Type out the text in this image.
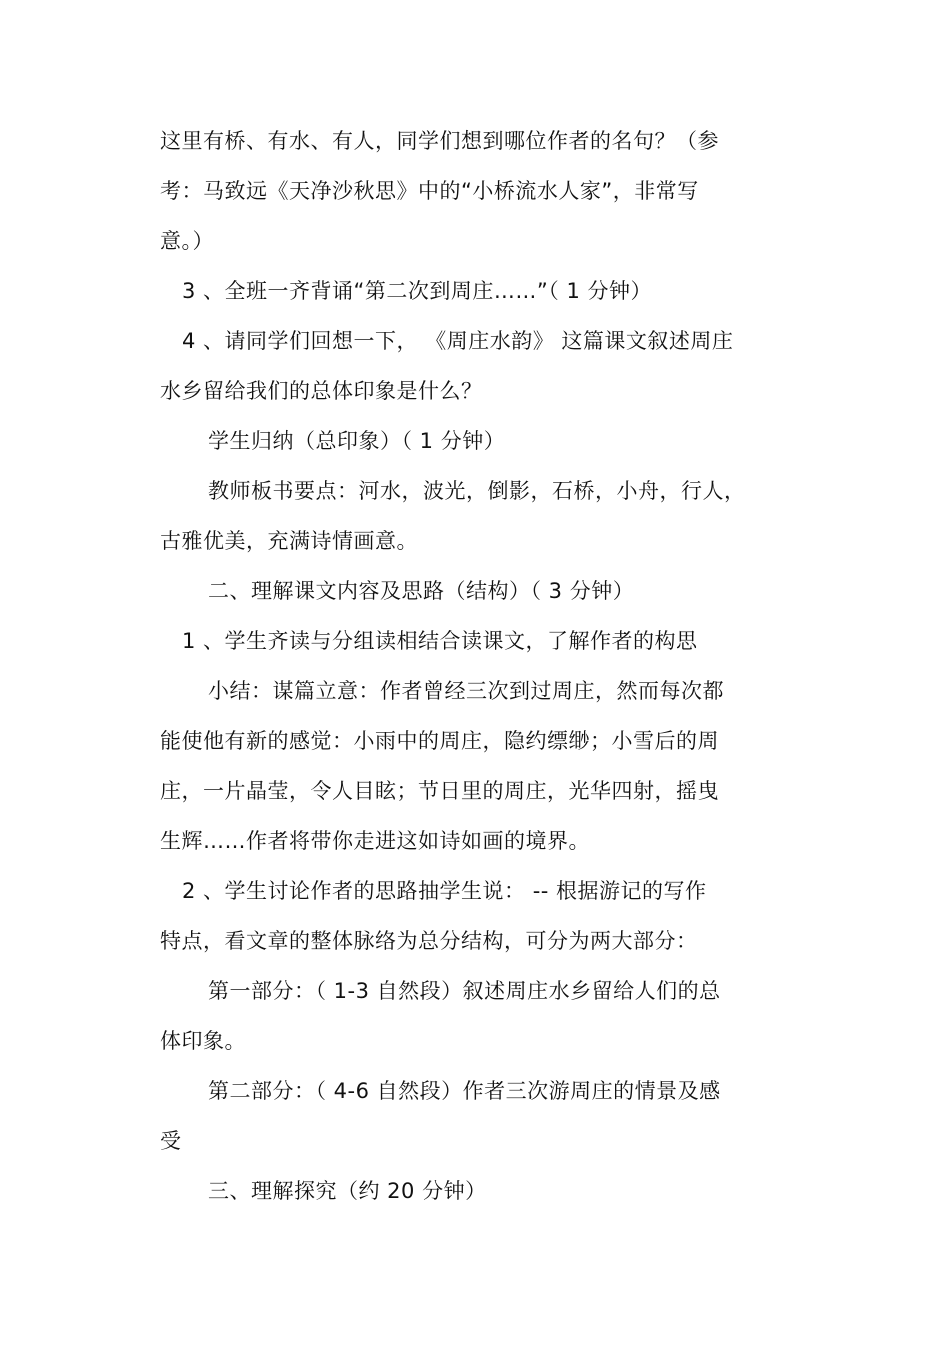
这里有桥、有水、有人，同学们想到哪位作者的名句？（参
考：马致远《天净沙秋思》中的“小桥流水人家”，非常写
意。）
3 、全班一齐背诵“第二次到周庄……”（ 1 分钟）
4 、请同学们回想一下， 《周庄水韵》 这篇课文叙述周庄
水乡留给我们的总体印象是什么？
学生归纳（总印象）（ 1 分钟）
教师板书要点：河水，波光，倒影，石桥，小舟，行人，
古雅优美，充满诗情画意。
二、理解课文内容及思路（结构）（ 3 分钟）
1 、学生齐读与分组读相结合读课文，了解作者的构思
小结：谋篇立意：作者曾经三次到过周庄，然而每次都
能使他有新的感觉：小雨中的周庄，隐约缥缈；小雪后的周
庄，一片晶莹，令人目眩；节日里的周庄，光华四射，摇曳
生辉……作者将带你走进这如诗如画的境界。
2 、学生讨论作者的思路抽学生说： -- 根据游记的写作
特点，看文章的整体脉络为总分结构，可分为两大部分：
第一部分：（ 1-3 自然段）叙述周庄水乡留给人们的总
体印象。
第二部分：（ 4-6 自然段）作者三次游周庄的情景及感
受
三、理解探究（约 20 分钟）
